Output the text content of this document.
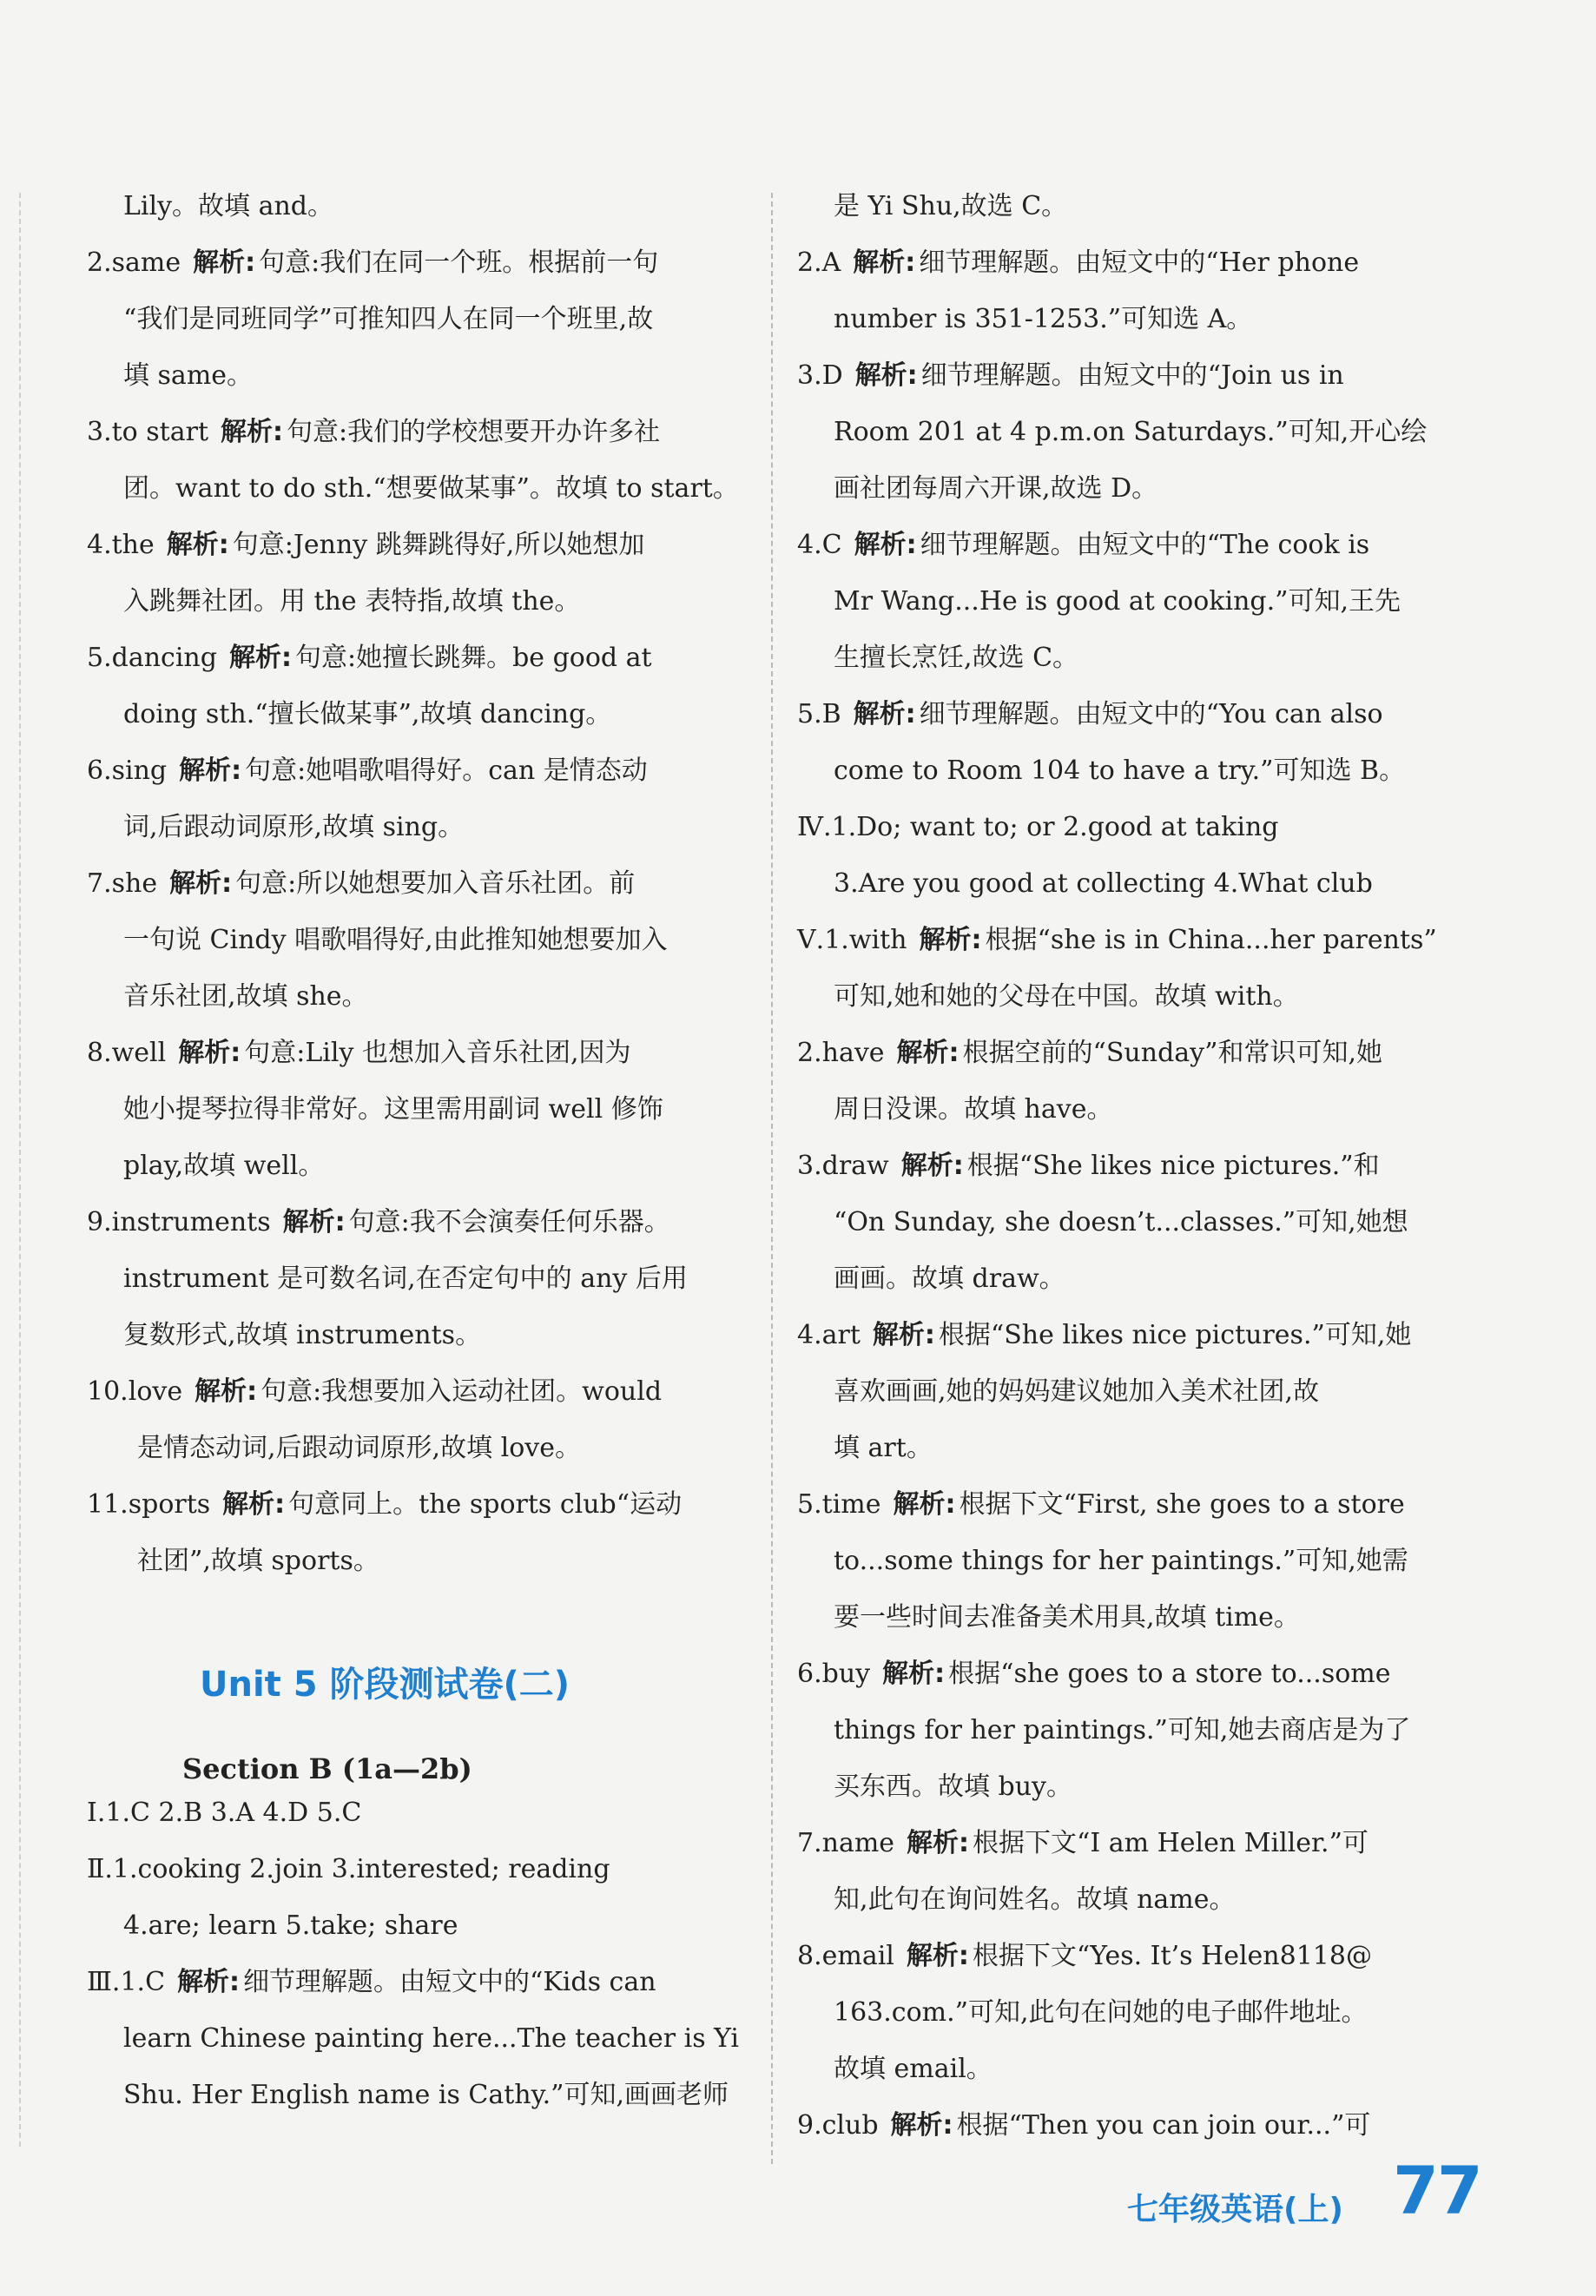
Lily。故填 and。
2.same 解析: 句意:我们在同一个班。根据前一句
“我们是同班同学”可推知四人在同一个班里,故
填 same。
3.to start 解析: 句意:我们的学校想要开办许多社
团。want to do sth.“想要做某事”。故填 to start。
4.the 解析: 句意:Jenny 跳舞跳得好,所以她想加
入跳舞社团。用 the 表特指,故填 the。
5.dancing 解析: 句意:她擅长跳舞。be good at
doing sth.“擅长做某事”,故填 dancing。
6.sing 解析: 句意:她唱歌唱得好。can 是情态动
词,后跟动词原形,故填 sing。
7.she 解析: 句意:所以她想要加入音乐社团。前
一句说 Cindy 唱歌唱得好,由此推知她想要加入
音乐社团,故填 she。
8.well 解析: 句意:Lily 也想加入音乐社团,因为
她小提琴拉得非常好。这里需用副词 well 修饰
play,故填 well。
9.instruments 解析: 句意:我不会演奏任何乐器。
instrument 是可数名词,在否定句中的 any 后用
复数形式,故填 instruments。
10.love 解析: 句意:我想要加入运动社团。would
是情态动词,后跟动词原形,故填 love。
11.sports 解析: 句意同上。the sports club“运动
社团”,故填 sports。
Ⅰ.1.C 2.B 3.A 4.D 5.C
Ⅱ.1.cooking 2.join 3.interested; reading
4.are; learn 5.take; share
Ⅲ.1.C 解析: 细节理解题。由短文中的“Kids can
learn Chinese painting here...The teacher is Yi
Shu. Her English name is Cathy.”可知,画画老师
Unit 5 阶段测试卷(二)
Section B (1a—2b)
是 Yi Shu,故选 C。
2.A 解析: 细节理解题。由短文中的“Her phone
number is 351-1253.”可知选 A。
3.D 解析: 细节理解题。由短文中的“Join us in
Room 201 at 4 p.m.on Saturdays.”可知,开心绘
画社团每周六开课,故选 D。
4.C 解析: 细节理解题。由短文中的“The cook is
Mr Wang...He is good at cooking.”可知,王先
生擅长烹饪,故选 C。
5.B 解析: 细节理解题。由短文中的“You can also
come to Room 104 to have a try.”可知选 B。
Ⅳ.1.Do; want to; or 2.good at taking
3.Are you good at collecting 4.What club
Ⅴ.1.with 解析: 根据“she is in China...her parents”
可知,她和她的父母在中国。故填 with。
2.have 解析: 根据空前的“Sunday”和常识可知,她
周日没课。故填 have。
3.draw 解析: 根据“She likes nice pictures.”和
“On Sunday, she doesn’t...classes.”可知,她想
画画。故填 draw。
4.art 解析: 根据“She likes nice pictures.”可知,她
喜欢画画,她的妈妈建议她加入美术社团,故
填 art。
5.time 解析: 根据下文“First, she goes to a store
to...some things for her paintings.”可知,她需
要一些时间去准备美术用具,故填 time。
6.buy 解析: 根据“she goes to a store to...some
things for her paintings.”可知,她去商店是为了
买东西。故填 buy。
7.name 解析: 根据下文“I am Helen Miller.”可
知,此句在询问姓名。故填 name。
8.email 解析: 根据下文“Yes. It’s Helen8118@
163.com.”可知,此句在问她的电子邮件地址。
故填 email。
9.club 解析: 根据“Then you can join our...”可
七年级英语(上) 77
